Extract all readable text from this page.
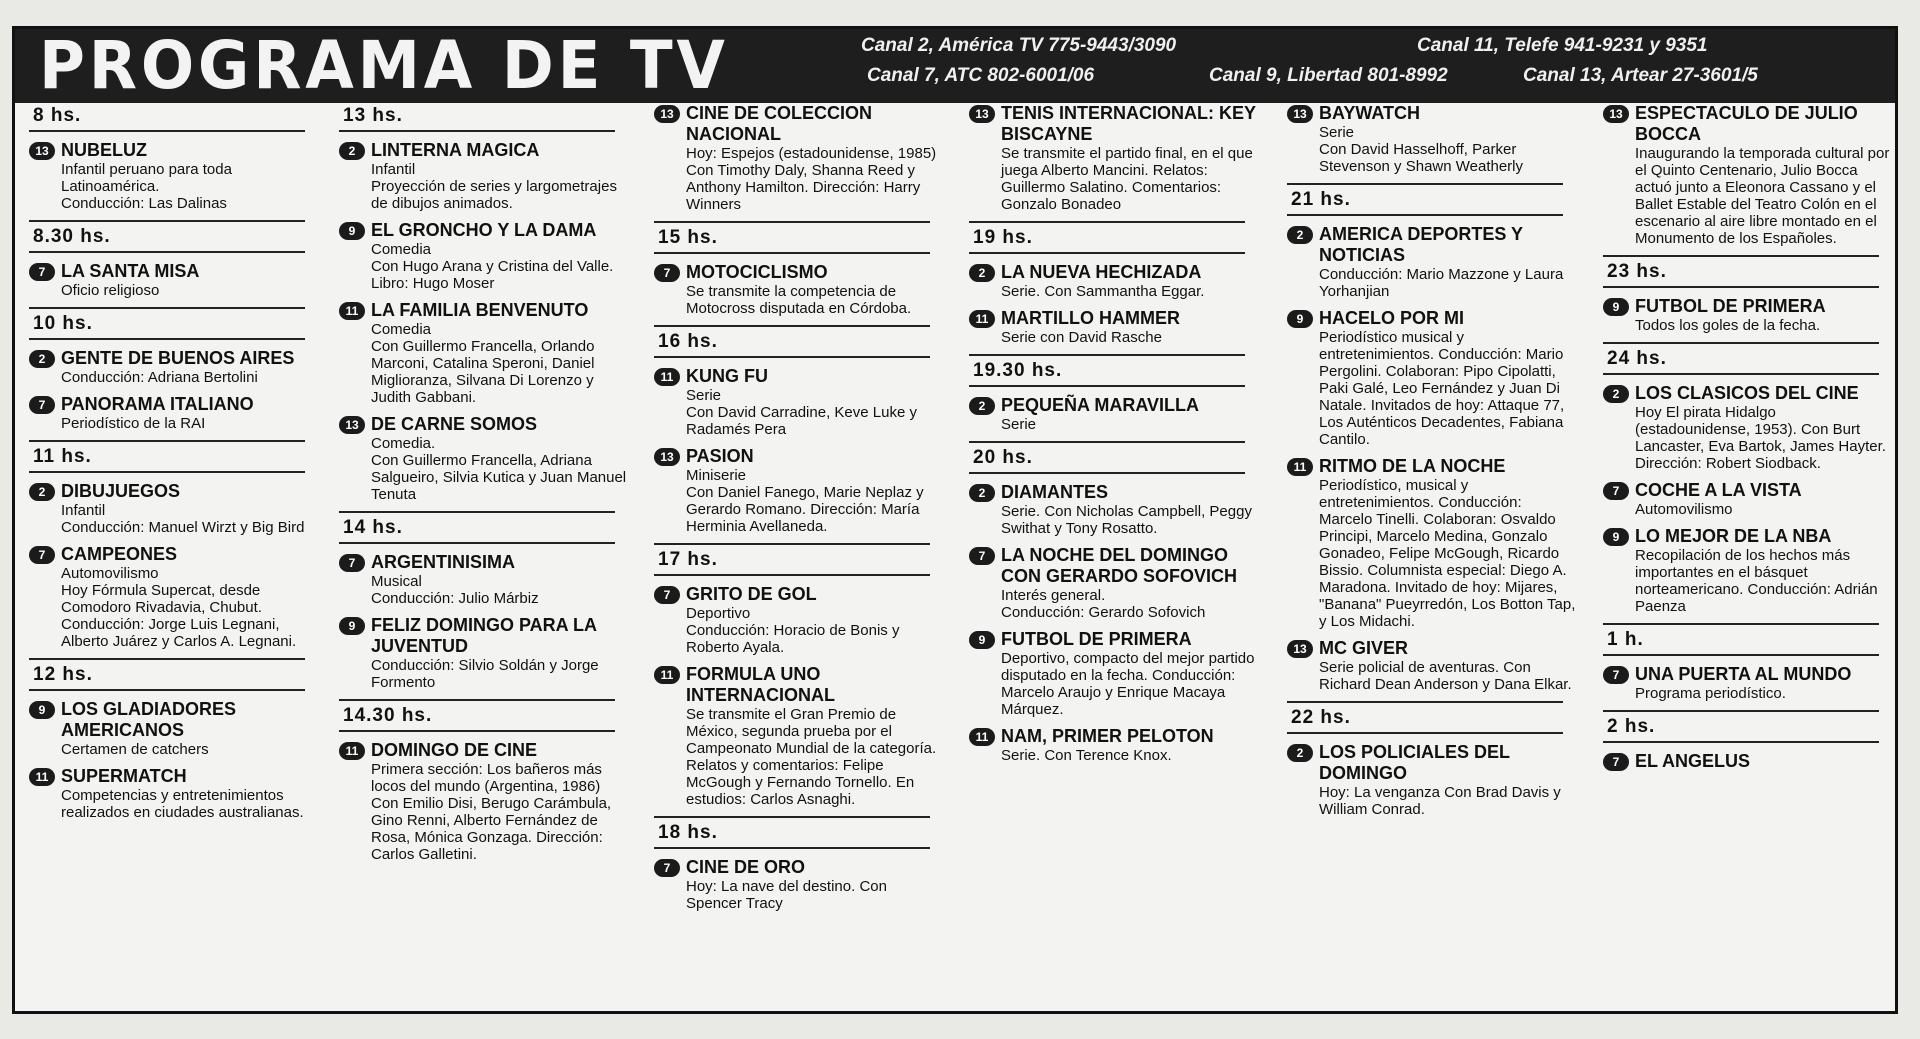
PROGRAMA DE TV	Canal 2, América TV 775-9443/3090
Canal 7, ATC 802-6001/06	Canal 9, Libertad 801-8992
Canal 11, Telefe 941-9231 y 9351
Canal 13, Artear 27-3601/5
8 hs.
13 NUBELUZ
Infantil peruano para toda Latinoamérica.
Conducción: Las Dalinas
8.30 hs.
7 LA SANTA MISA
Oficio religioso
10 hs.
2 GENTE DE BUENOS AIRES
Conducción: Adriana Bertolini
7 PANORAMA ITALIANO
Periodístico de la RAI
11 hs.
2 DIBUJUEGOS
Infantil
Conducción: Manuel Wirzt y Big Bird
7 CAMPEONES
Automovilismo
Hoy Fórmula Supercat, desde Comodoro Rivadavia, Chubut. Conducción: Jorge Luis Legnani, Alberto Juárez y Carlos A. Legnani.
12 hs.
9 LOS GLADIADORES AMERICANOS
Certamen de catchers
11 SUPERMATCH
Competencias y entretenimientos realizados en ciudades australianas.
13 hs.
2 LINTERNA MAGICA
Infantil
Proyección de series y largometrajes de dibujos animados.
9 EL GRONCHO Y LA DAMA
Comedia
Con Hugo Arana y Cristina del Valle. Libro: Hugo Moser
11 LA FAMILIA BENVENUTO
Comedia
Con Guillermo Francella, Orlando Marconi, Catalina Speroni, Daniel Miglioranza, Silvana Di Lorenzo y Judith Gabbani.
13 DE CARNE SOMOS
Comedia.
Con Guillermo Francella, Adriana Salgueiro, Silvia Kutica y Juan Manuel Tenuta
14 hs.
7 ARGENTINISIMA
Musical
Conducción: Julio Márbiz
9 FELIZ DOMINGO PARA LA JUVENTUD
Conducción: Silvio Soldán y Jorge Formento
14.30 hs.
11 DOMINGO DE CINE
Primera sección: Los bañeros más locos del mundo (Argentina, 1986) Con Emilio Disi, Berugo Carámbula, Gino Renni, Alberto Fernández de Rosa, Mónica Gonzaga. Dirección: Carlos Galletini.
13 CINE DE COLECCION NACIONAL
Hoy: Espejos (estadounidense, 1985) Con Timothy Daly, Shanna Reed y Anthony Hamilton. Dirección: Harry Winners
15 hs.
7 MOTOCICLISMO
Se transmite la competencia de Motocross disputada en Córdoba.
16 hs.
11 KUNG FU
Serie
Con David Carradine, Keve Luke y Radamés Pera
13 PASION
Miniserie
Con Daniel Fanego, Marie Neplaz y Gerardo Romano. Dirección: María Herminia Avellaneda.
17 hs.
7 GRITO DE GOL
Deportivo
Conducción: Horacio de Bonis y Roberto Ayala.
11 FORMULA UNO INTERNACIONAL
Se transmite el Gran Premio de México, segunda prueba por el Campeonato Mundial de la categoría. Relatos y comentarios: Felipe McGough y Fernando Tornello. En estudios: Carlos Asnaghi.
18 hs.
7 CINE DE ORO
Hoy: La nave del destino. Con Spencer Tracy
13 TENIS INTERNACIONAL: KEY BISCAYNE
Se transmite el partido final, en el que juega Alberto Mancini. Relatos: Guillermo Salatino. Comentarios: Gonzalo Bonadeo
19 hs.
2 LA NUEVA HECHIZADA
Serie. Con Sammantha Eggar.
11 MARTILLO HAMMER
Serie con David Rasche
19.30 hs.
2 PEQUEÑA MARAVILLA
Serie
20 hs.
2 DIAMANTES
Serie. Con Nicholas Campbell, Peggy Swithat y Tony Rosatto.
7 LA NOCHE DEL DOMINGO CON GERARDO SOFOVICH
Interés general.
Conducción: Gerardo Sofovich
9 FUTBOL DE PRIMERA
Deportivo, compacto del mejor partido disputado en la fecha. Conducción: Marcelo Araujo y Enrique Macaya Márquez.
11 NAM, PRIMER PELOTON
Serie. Con Terence Knox.
13 BAYWATCH
Serie
Con David Hasselhoff, Parker Stevenson y Shawn Weatherly
21 hs.
2 AMERICA DEPORTES Y NOTICIAS
Conducción: Mario Mazzone y Laura Yorhanjian
9 HACELO POR MI
Periodístico musical y entretenimientos. Conducción: Mario Pergolini. Colaboran: Pipo Cipolatti, Paki Galé, Leo Fernández y Juan Di Natale. Invitados de hoy: Attaque 77, Los Auténticos Decadentes, Fabiana Cantilo.
11 RITMO DE LA NOCHE
Periodístico, musical y entretenimientos. Conducción: Marcelo Tinelli. Colaboran: Osvaldo Principi, Marcelo Medina, Gonzalo Gonadeo, Felipe McGough, Ricardo Bissio. Columnista especial: Diego A. Maradona. Invitado de hoy: Mijares, "Banana" Pueyrredón, Los Botton Tap, y Los Midachi.
13 MC GIVER
Serie policial de aventuras. Con Richard Dean Anderson y Dana Elkar.
22 hs.
2 LOS POLICIALES DEL DOMINGO
Hoy: La venganza Con Brad Davis y William Conrad.
13 ESPECTACULO DE JULIO BOCCA
Inaugurando la temporada cultural por el Quinto Centenario, Julio Bocca actuó junto a Eleonora Cassano y el Ballet Estable del Teatro Colón en el escenario al aire libre montado en el Monumento de los Españoles.
23 hs.
9 FUTBOL DE PRIMERA
Todos los goles de la fecha.
24 hs.
2 LOS CLASICOS DEL CINE
Hoy El pirata Hidalgo (estadounidense, 1953). Con Burt Lancaster, Eva Bartok, James Hayter. Dirección: Robert Siodback.
7 COCHE A LA VISTA
Automovilismo
9 LO MEJOR DE LA NBA
Recopilación de los hechos más importantes en el básquet norteamericano. Conducción: Adrián Paenza
1 h.
7 UNA PUERTA AL MUNDO
Programa periodístico.
2 hs.
7 EL ANGELUS
